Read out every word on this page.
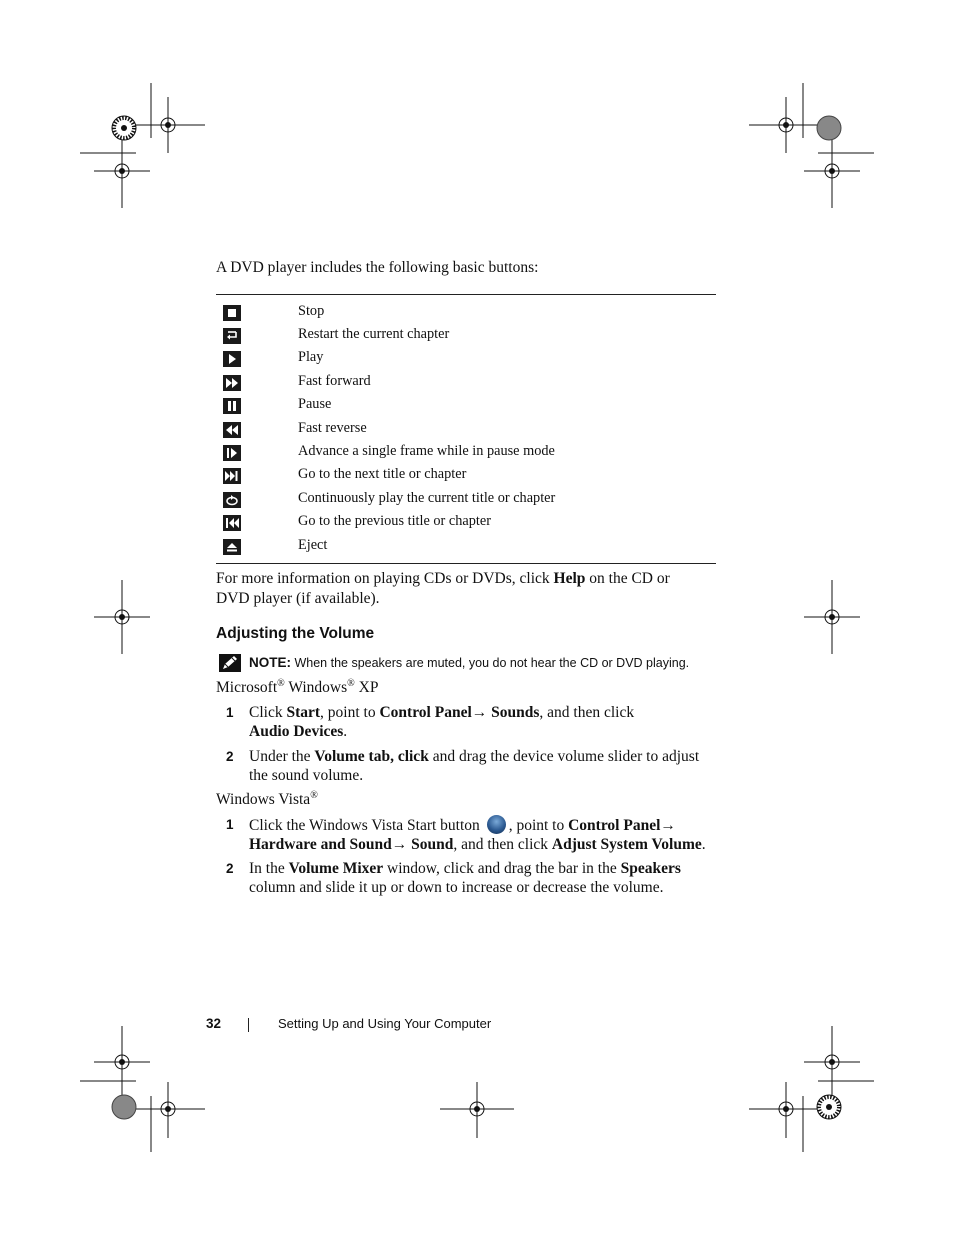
A DVD player includes the following basic buttons:
Stop
Restart the current chapter
Play
Fast forward
Pause
Fast reverse
Advance a single frame while in pause mode
Go to the next title or chapter
Continuously play the current title or chapter
Go to the previous title or chapter
Eject
For more information on playing CDs or DVDs, click Help on the CD or
DVD player (if available).
Adjusting the Volume
NOTE: When the speakers are muted, you do not hear the CD or DVD playing.
Microsoft® Windows® XP
1 Click Start, point to Control Panel→ Sounds, and then click
Audio Devices.
2 Under the Volume tab, click and drag the device volume slider to adjust
the sound volume.
Windows Vista®
1 Click the Windows Vista Start button , point to Control Panel→
Hardware and Sound→ Sound, and then click Adjust System Volume.
2 In the Volume Mixer window, click and drag the bar in the Speakers
column and slide it up or down to increase or decrease the volume.
32	Setting Up and Using Your Computer
